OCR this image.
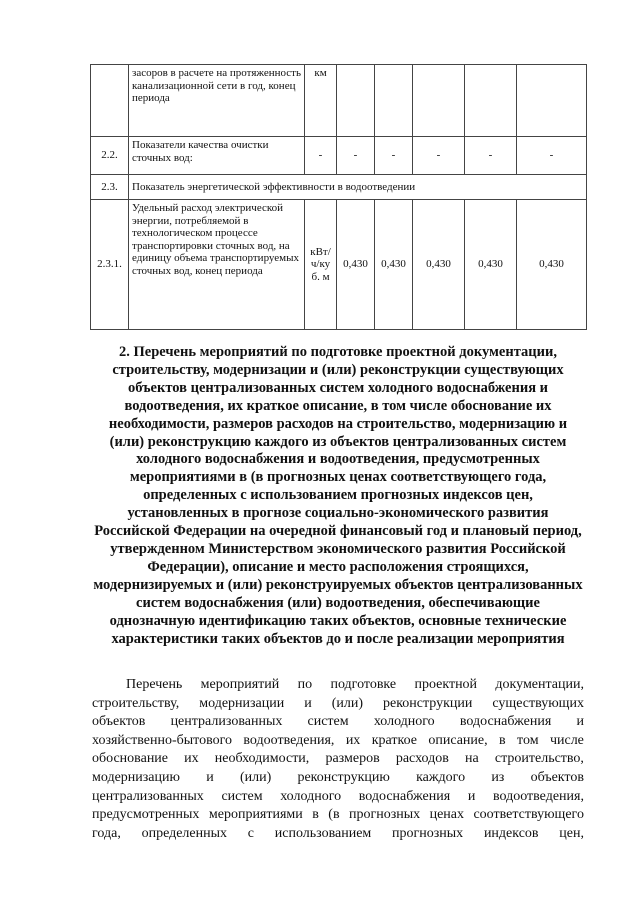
	засоров в расчете на протяженность канализационной сети в год, конец периода	км					
2.2.	Показатели качества очистки сточных вод:	-	-	-	-	-	-
2.3.	Показатель энергетической эффективности в водоотведении						
2.3.1.	Удельный расход электрической энергии, потребляемой в технологическом процессе транспортировки сточных вод, на единицу объема транспортируемых сточных вод, конец периода	кВт/ч/куб. м	0,430	0,430	0,430	0,430	0,430
2. Перечень мероприятий по подготовке проектной документации, строительству, модернизации и (или) реконструкции существующих объектов централизованных систем холодного водоснабжения и водоотведения, их краткое описание, в том числе обоснование их необходимости, размеров расходов на строительство, модернизацию и (или) реконструкцию каждого из объектов централизованных систем холодного водоснабжения и водоотведения, предусмотренных мероприятиями в (в прогнозных ценах соответствующего года, определенных с использованием прогнозных индексов цен, установленных в прогнозе социально-экономического развития Российской Федерации на очередной финансовый год и плановый период, утвержденном Министерством экономического развития Российской Федерации), описание и место расположения строящихся, модернизируемых и (или) реконструируемых объектов централизованных систем водоснабжения (или) водоотведения, обеспечивающие однозначную идентификацию таких объектов, основные технические характеристики таких объектов до и после реализации мероприятия
Перечень мероприятий по подготовке проектной документации,
строительству, модернизации и (или) реконструкции существующих
объектов централизованных систем холодного водоснабжения и
хозяйственно-бытового водоотведения, их краткое описание, в том числе
обоснование их необходимости, размеров расходов на строительство,
модернизацию и (или) реконструкцию каждого из объектов
централизованных систем холодного водоснабжения и водоотведения,
предусмотренных мероприятиями в (в прогнозных ценах соответствующего
года, определенных с использованием прогнозных индексов цен,
